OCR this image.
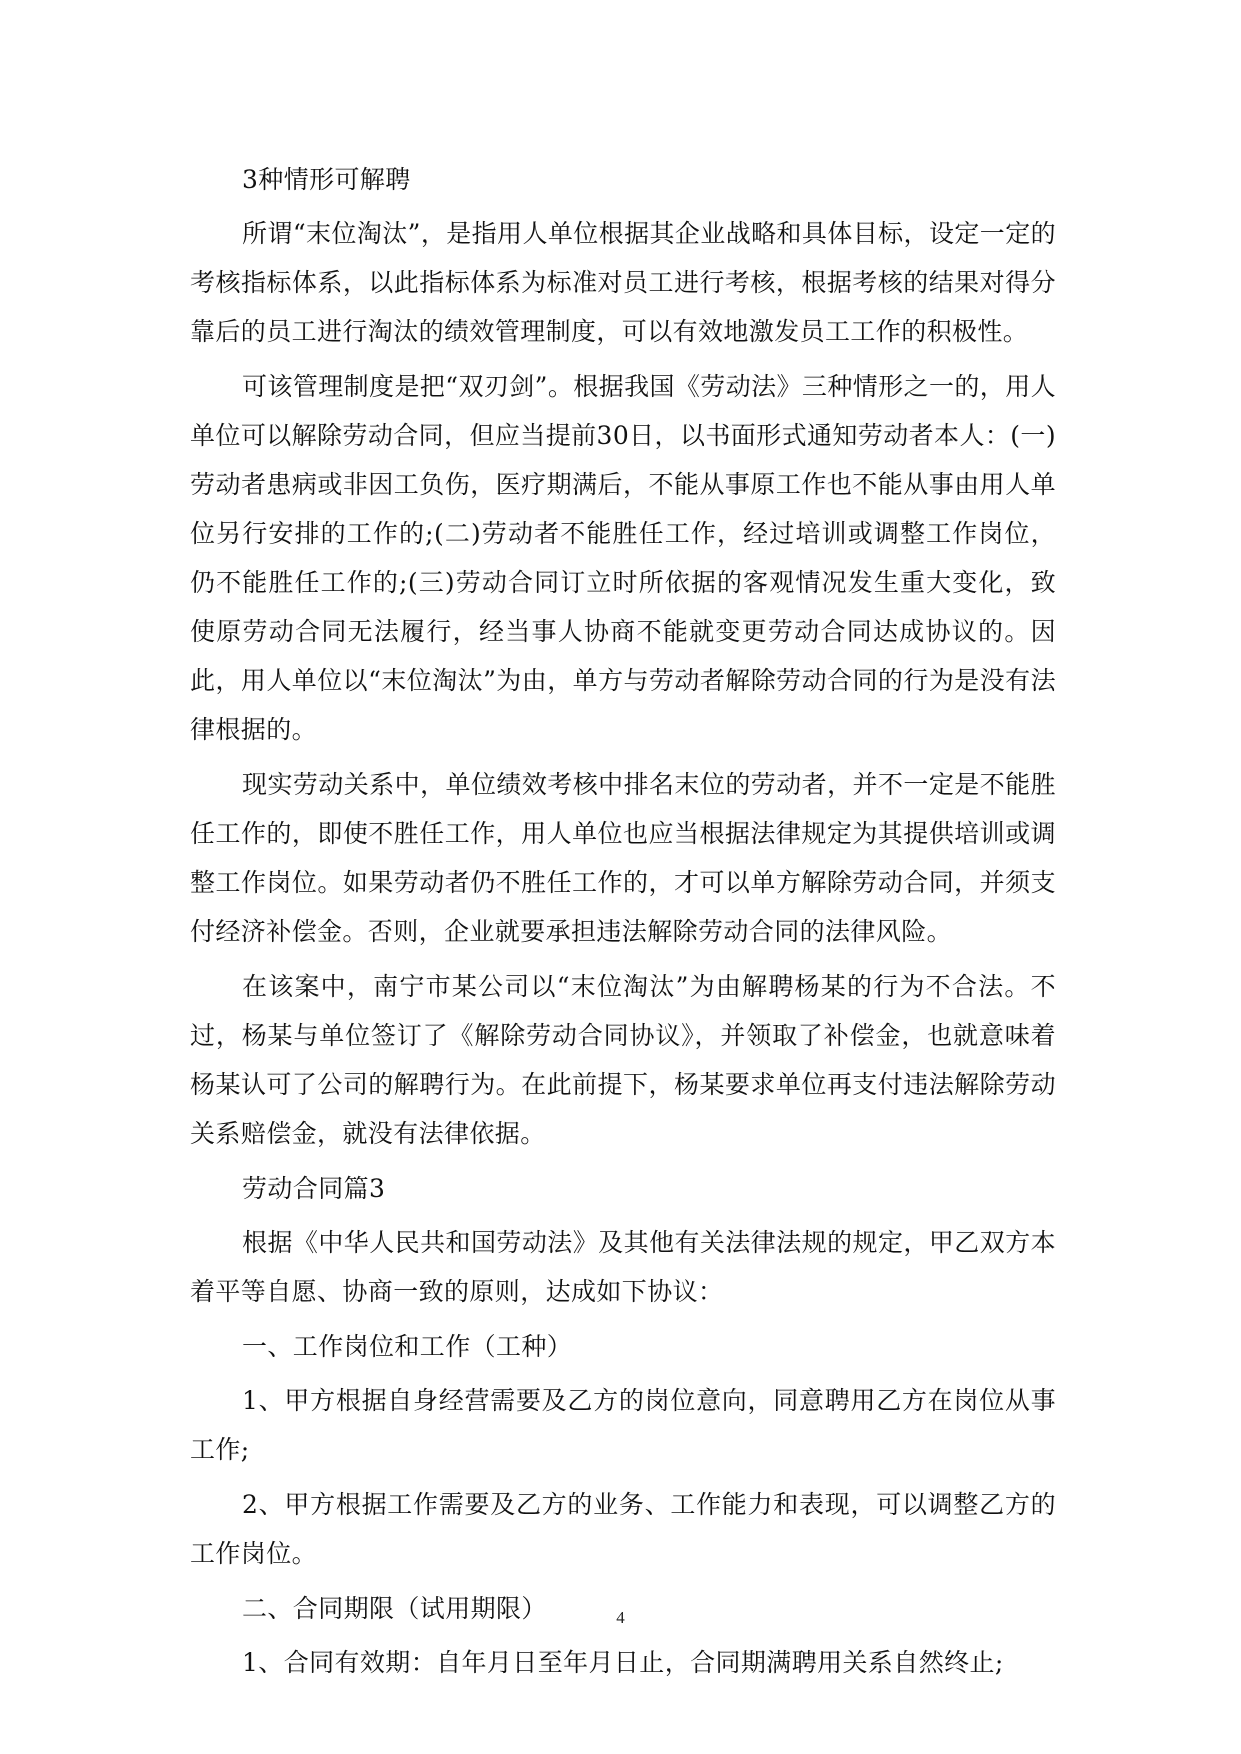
3种情形可解聘

所谓“末位淘汰”，是指用人单位根据其企业战略和具体目标，设定一定的考核指标体系，以此指标体系为标准对员工进行考核，根据考核的结果对得分靠后的员工进行淘汰的绩效管理制度，可以有效地激发员工工作的积极性。

可该管理制度是把“双刃剑”。根据我国《劳动法》三种情形之一的，用人单位可以解除劳动合同，但应当提前30日，以书面形式通知劳动者本人：(一)劳动者患病或非因工负伤，医疗期满后，不能从事原工作也不能从事由用人单位另行安排的工作的;(二)劳动者不能胜任工作，经过培训或调整工作岗位，仍不能胜任工作的;(三)劳动合同订立时所依据的客观情况发生重大变化，致使原劳动合同无法履行，经当事人协商不能就变更劳动合同达成协议的。因此，用人单位以“末位淘汰”为由，单方与劳动者解除劳动合同的行为是没有法律根据的。

现实劳动关系中，单位绩效考核中排名末位的劳动者，并不一定是不能胜任工作的，即使不胜任工作，用人单位也应当根据法律规定为其提供培训或调整工作岗位。如果劳动者仍不胜任工作的，才可以单方解除劳动合同，并须支付经济补偿金。否则，企业就要承担违法解除劳动合同的法律风险。

在该案中，南宁市某公司以“末位淘汰”为由解聘杨某的行为不合法。不过，杨某与单位签订了《解除劳动合同协议》，并领取了补偿金，也就意味着杨某认可了公司的解聘行为。在此前提下，杨某要求单位再支付违法解除劳动关系赔偿金，就没有法律依据。

劳动合同篇3

根据《中华人民共和国劳动法》及其他有关法律法规的规定，甲乙双方本着平等自愿、协商一致的原则，达成如下协议：

一、工作岗位和工作（工种）

1、甲方根据自身经营需要及乙方的岗位意向，同意聘用乙方在岗位从事工作;

2、甲方根据工作需要及乙方的业务、工作能力和表现，可以调整乙方的工作岗位。

二、合同期限（试用期限）

1、合同有效期：自年月日至年月日止，合同期满聘用关系自然终止;

4
